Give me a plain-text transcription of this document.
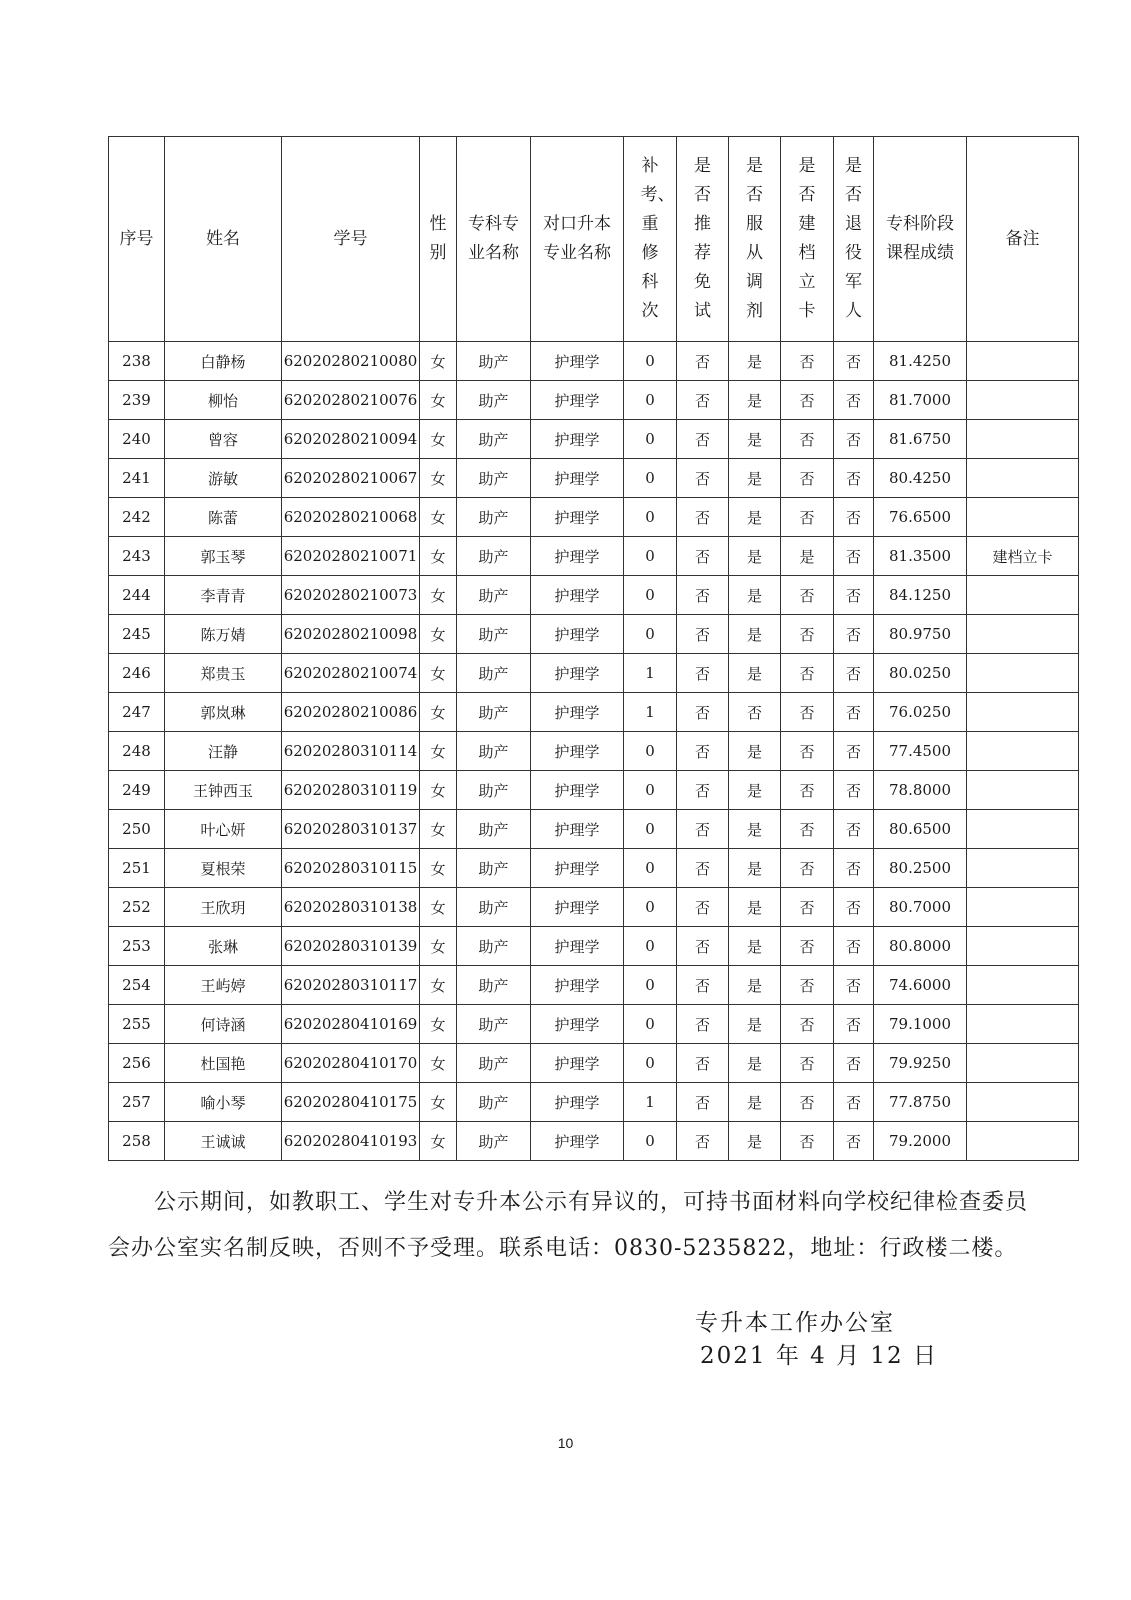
序号	姓名	学号	性别	专科专业名称	对口升本专业名称	补考、重修科次	是否推荐免试	是否服从调剂	是否建档立卡	是否退役军人	专科阶段课程成绩	备注
238	白静杨	62020280210080	女	助产	护理学	0	否	是	否	否	81.4250	
239	柳怡	62020280210076	女	助产	护理学	0	否	是	否	否	81.7000	
240	曾容	62020280210094	女	助产	护理学	0	否	是	否	否	81.6750	
241	游敏	62020280210067	女	助产	护理学	0	否	是	否	否	80.4250	
242	陈蕾	62020280210068	女	助产	护理学	0	否	是	否	否	76.6500	
243	郭玉琴	62020280210071	女	助产	护理学	0	否	是	是	否	81.3500	建档立卡
244	李青青	62020280210073	女	助产	护理学	0	否	是	否	否	84.1250	
245	陈万婧	62020280210098	女	助产	护理学	0	否	是	否	否	80.9750	
246	郑贵玉	62020280210074	女	助产	护理学	1	否	是	否	否	80.0250	
247	郭岚琳	62020280210086	女	助产	护理学	1	否	否	否	否	76.0250	
248	汪静	62020280310114	女	助产	护理学	0	否	是	否	否	77.4500	
249	王钟西玉	62020280310119	女	助产	护理学	0	否	是	否	否	78.8000	
250	叶心妍	62020280310137	女	助产	护理学	0	否	是	否	否	80.6500	
251	夏根荣	62020280310115	女	助产	护理学	0	否	是	否	否	80.2500	
252	王欣玥	62020280310138	女	助产	护理学	0	否	是	否	否	80.7000	
253	张琳	62020280310139	女	助产	护理学	0	否	是	否	否	80.8000	
254	王屿婷	62020280310117	女	助产	护理学	0	否	是	否	否	74.6000	
255	何诗涵	62020280410169	女	助产	护理学	0	否	是	否	否	79.1000	
256	杜国艳	62020280410170	女	助产	护理学	0	否	是	否	否	79.9250	
257	喻小琴	62020280410175	女	助产	护理学	1	否	是	否	否	77.8750	
258	王诚诚	62020280410193	女	助产	护理学	0	否	是	否	否	79.2000	

公示期间，如教职工、学生对专升本公示有异议的，可持书面材料向学校纪律检查委员会办公室实名制反映，否则不予受理。联系电话：0830-5235822，地址：行政楼二楼。

专升本工作办公室
2021 年 4 月 12 日
10
